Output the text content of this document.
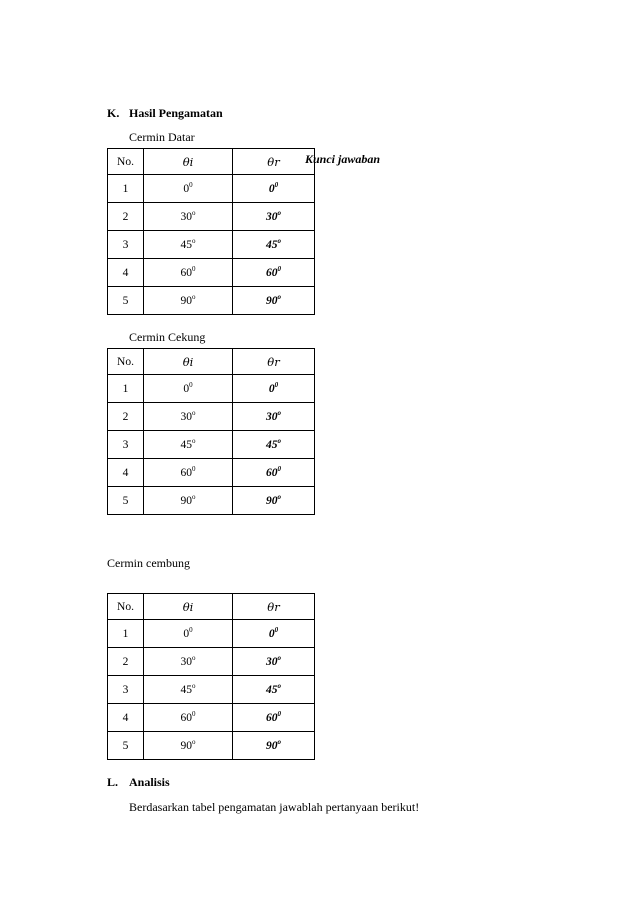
K. Hasil Pengamatan
Cermin Datar
Kunci jawaban
No.	θi	θr
1	$0^0$	$0^0$
2	30$^o$	30$^o$
3	45$^o$	45$^o$
4	$60^0$	$60^0$
5	90$^o$	90$^o$
Cermin Cekung
No.	θi	θr
1	$0^0$	$0^0$
2	30$^o$	30$^o$
3	45$^o$	45$^o$
4	$60^0$	$60^0$
5	90$^o$	90$^o$
Cermin cembung
No.	θi	θr
1	$0^0$	$0^0$
2	30$^o$	30$^o$
3	45$^o$	45$^o$
4	$60^0$	$60^0$
5	90$^o$	90$^o$
L. Analisis
Berdasarkan tabel pengamatan jawablah pertanyaan berikut!
